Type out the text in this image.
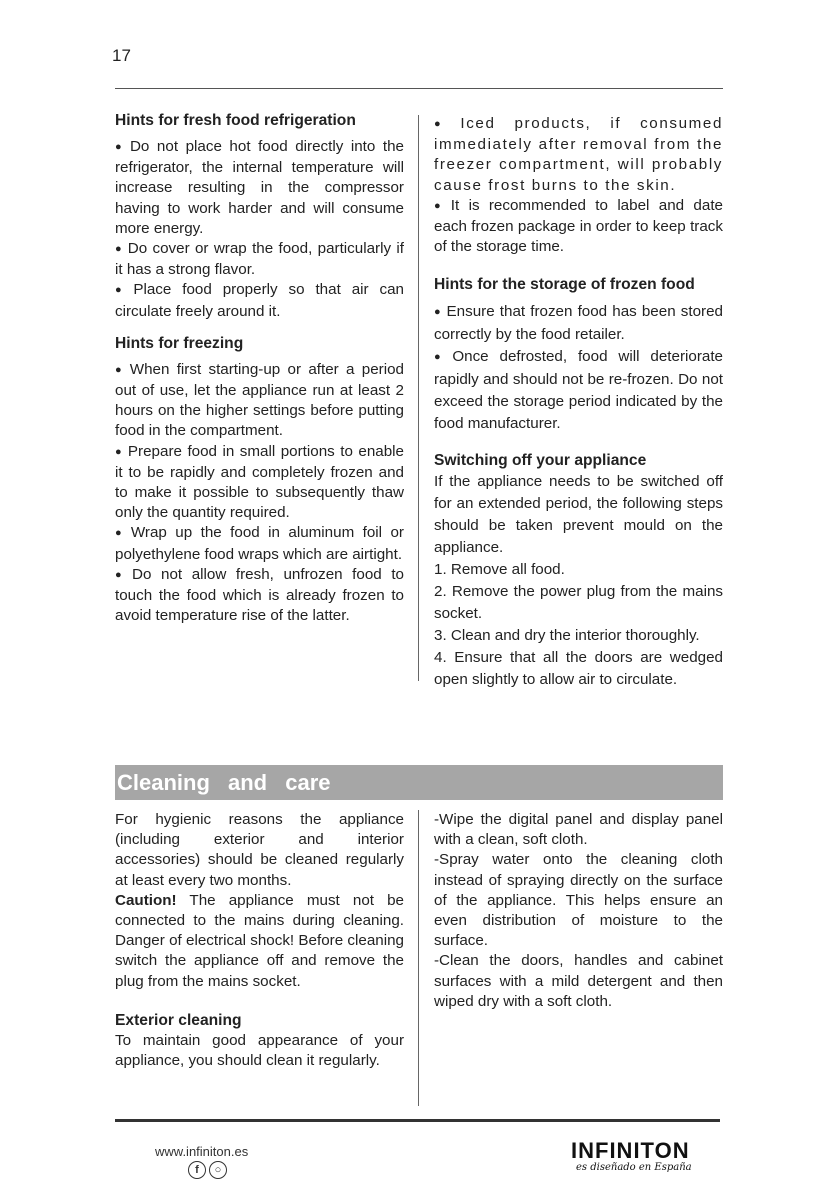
17
Hints for fresh food refrigeration

● Do not place hot food directly into the refrigerator, the internal temperature will increase resulting in the compressor having to work harder and will consume more energy.

● Do cover or wrap the food, particularly if it has a strong flavor.

● Place food properly so that air can circulate freely around it.

Hints for freezing

● When first starting-up or after a period out of use, let the appliance run at least 2 hours on the higher settings before putting food in the compartment.

● Prepare food in small portions to enable it to be rapidly and completely frozen and to make it possible to subsequently thaw only the quantity required.

● Wrap up the food in aluminum foil or polyethylene food wraps which are airtight.

● Do not allow fresh, unfrozen food to touch the food which is already frozen to avoid temperature rise of the latter.

● Iced products, if consumed immediately after removal from the freezer compartment, will probably cause frost burns to the skin.

● It is recommended to label and date each frozen package in order to keep track of the storage time.

Hints for the storage of frozen food

● Ensure that frozen food has been stored correctly by the food retailer.

● Once defrosted, food will deteriorate rapidly and should not be re-frozen. Do not exceed the storage period indicated by the food manufacturer.

Switching off your appliance

If the appliance needs to be switched off for an extended period, the following steps should be taken prevent mould on the appliance.

1. Remove all food.

2. Remove the power plug from the mains socket.

3. Clean and dry the interior thoroughly.

4. Ensure that all the doors are wedged open slightly to allow air to circulate.

Cleaning and care

For hygienic reasons the appliance (including exterior and interior accessories) should be cleaned regularly at least every two months.

Caution! The appliance must not be connected to the mains during cleaning. Danger of electrical shock! Before cleaning switch the appliance off and remove the plug from the mains socket.

Exterior cleaning

To maintain good appearance of your appliance, you should clean it regularly.

-Wipe the digital panel and display panel with a clean, soft cloth.

-Spray water onto the cleaning cloth instead of spraying directly on the surface of the appliance. This helps ensure an even distribution of moisture to the surface.

-Clean the doors, handles and cabinet surfaces with a mild detergent and then wiped dry with a soft cloth.

www.infiniton.es
f	○
INFINITON
es diseñado en España
